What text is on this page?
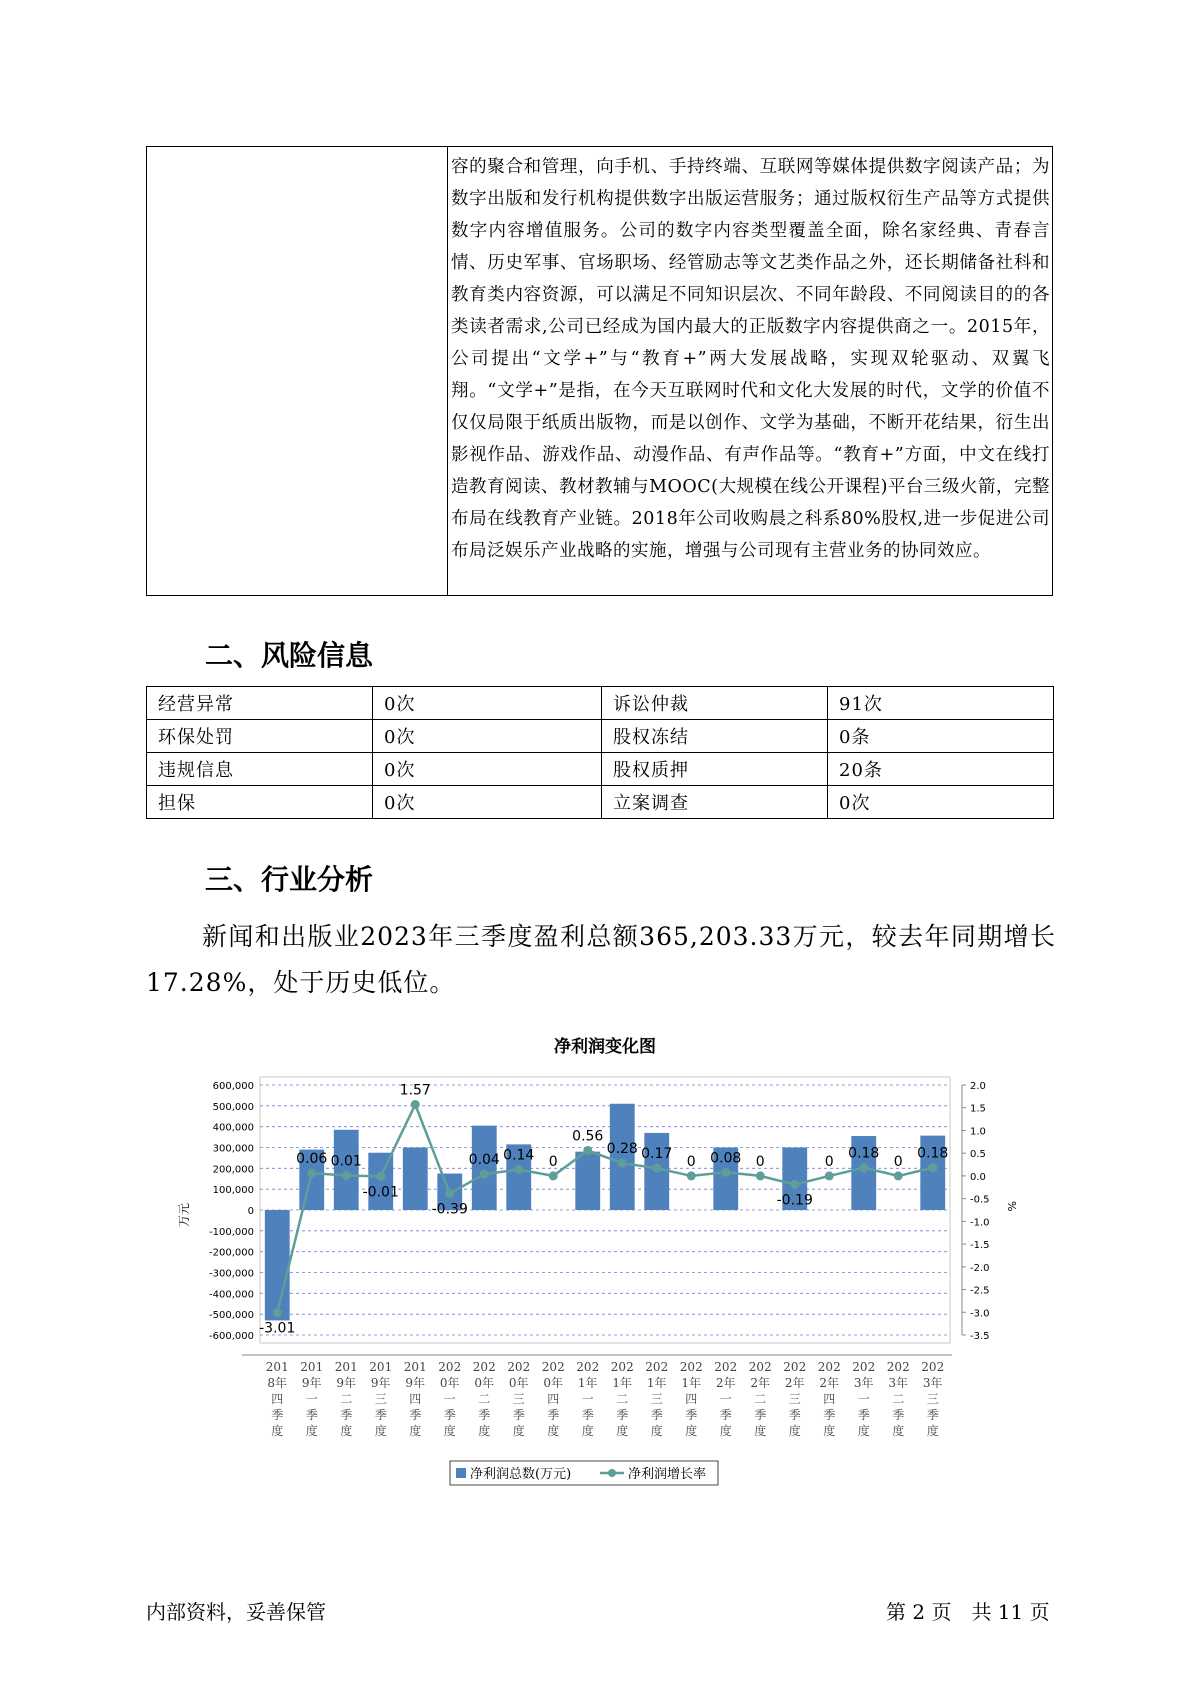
容的聚合和管理，向手机、手持终端、互联网等媒体提供数字阅读产品；为数字出版和发行机构提供数字出版运营服务；通过版权衍生产品等方式提供数字内容增值服务。公司的数字内容类型覆盖全面，除名家经典、青春言情、历史军事、官场职场、经管励志等文艺类作品之外，还长期储备社科和教育类内容资源，可以满足不同知识层次、不同年龄段、不同阅读目的的各类读者需求,公司已经成为国内最大的正版数字内容提供商之一。2015年，公司提出“文学+”与“教育+”两大发展战略，实现双轮驱动、双翼飞翔。“文学+”是指，在今天互联网时代和文化大发展的时代，文学的价值不仅仅局限于纸质出版物，而是以创作、文学为基础，不断开花结果，衍生出影视作品、游戏作品、动漫作品、有声作品等。“教育+”方面，中文在线打造教育阅读、教材教辅与MOOC(大规模在线公开课程)平台三级火箭，完整布局在线教育产业链。2018年公司收购晨之科系80%股权,进一步促进公司布局泛娱乐产业战略的实施，增强与公司现有主营业务的协同效应。
二、风险信息
经营异常	0次	诉讼仲裁	91次
环保处罚	0次	股权冻结	0条
违规信息	0次	股权质押	20条
担保	0次	立案调查	0次
三、行业分析

新闻和出版业2023年三季度盈利总额365,203.33万元，较去年同期增长17.28%，处于历史低位。

净利润变化图
600,000
500,000
400,000
300,000
200,000
100,000
0
-100,000
-200,000
-300,000
-400,000
-500,000
-600,000
万元
2.0
1.5
1.0
0.5
0.0
-0.5
-1.0
-1.5
-2.0
-2.5
-3.0
-3.5
%
-3.01
0.06 0.01
-0.01
1.57
-0.39
0.04 0.14 0
0.56
0.28 0.17 0 0.08 0
-0.19
0
0.18
0
0.18
201 8年四季度
201 9年一季度
201 9年二季度
201 9年三季度
201 9年四季度
202 0年一季度
202 0年二季度
202 0年三季度
202 0年四季度
202 1年一季度
202 1年二季度
202 1年三季度
202 1年四季度
202 2年一季度
202 2年二季度
202 2年三季度
202 2年四季度
202 3年一季度
202 3年二季度
202 3年三季度
净利润总数(万元)	净利润增长率
内部资料，妥善保管	第 2 页　共 11 页
